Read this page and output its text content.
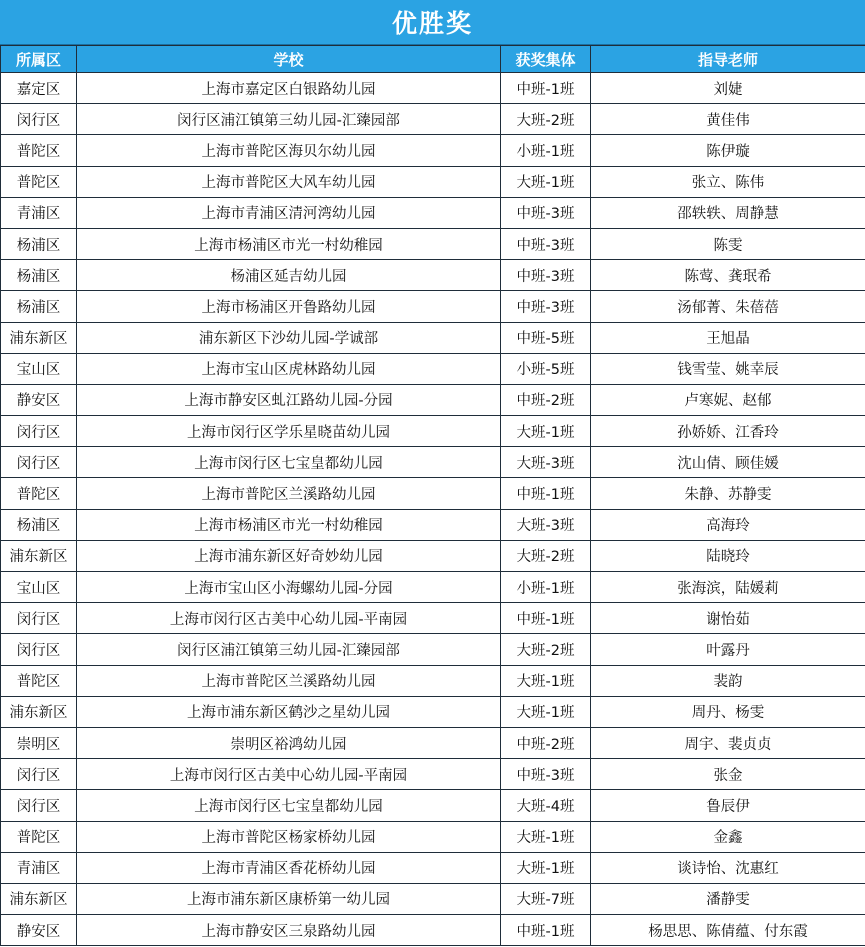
优胜奖
所属区	学校	获奖集体	指导老师
嘉定区	上海市嘉定区白银路幼儿园	中班-1班	刘婕
闵行区	闵行区浦江镇第三幼儿园-汇臻园部	大班-2班	黄佳伟
普陀区	上海市普陀区海贝尔幼儿园	小班-1班	陈伊璇
普陀区	上海市普陀区大风车幼儿园	大班-1班	张立、陈伟
青浦区	上海市青浦区清河湾幼儿园	中班-3班	邵轶轶、周静慧
杨浦区	上海市杨浦区市光一村幼稚园	中班-3班	陈雯
杨浦区	杨浦区延吉幼儿园	中班-3班	陈莺、龚珉希
杨浦区	上海市杨浦区开鲁路幼儿园	中班-3班	汤郁菁、朱蓓蓓
浦东新区	浦东新区下沙幼儿园-学诚部	中班-5班	王旭晶
宝山区	上海市宝山区虎林路幼儿园	小班-5班	钱雪莹、姚幸辰
静安区	上海市静安区虬江路幼儿园-分园	中班-2班	卢寒妮、赵郁
闵行区	上海市闵行区学乐星晓苗幼儿园	大班-1班	孙娇娇、江香玲
闵行区	上海市闵行区七宝皇都幼儿园	大班-3班	沈山倩、顾佳媛
普陀区	上海市普陀区兰溪路幼儿园	中班-1班	朱静、苏静雯
杨浦区	上海市杨浦区市光一村幼稚园	大班-3班	高海玲
浦东新区	上海市浦东新区好奇妙幼儿园	大班-2班	陆晓玲
宝山区	上海市宝山区小海螺幼儿园-分园	小班-1班	张海滨，陆媛莉
闵行区	上海市闵行区古美中心幼儿园-平南园	中班-1班	谢怡茹
闵行区	闵行区浦江镇第三幼儿园-汇臻园部	大班-2班	叶露丹
普陀区	上海市普陀区兰溪路幼儿园	大班-1班	裴韵
浦东新区	上海市浦东新区鹤沙之星幼儿园	大班-1班	周丹、杨雯
崇明区	崇明区裕鸿幼儿园	中班-2班	周宇、裴贞贞
闵行区	上海市闵行区古美中心幼儿园-平南园	中班-3班	张金
闵行区	上海市闵行区七宝皇都幼儿园	大班-4班	鲁辰伊
普陀区	上海市普陀区杨家桥幼儿园	大班-1班	金鑫
青浦区	上海市青浦区香花桥幼儿园	大班-1班	谈诗怡、沈惠红
浦东新区	上海市浦东新区康桥第一幼儿园	大班-7班	潘静雯
静安区	上海市静安区三泉路幼儿园	中班-1班	杨思思、陈倩蕴、付东霞
